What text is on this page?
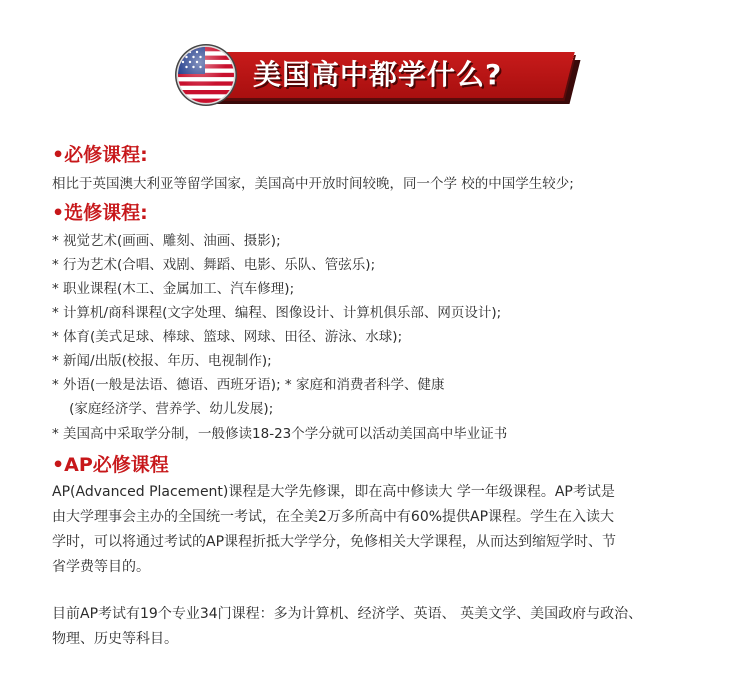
美国高中都学什么?
•必修课程:
相比于英国澳大利亚等留学国家，美国高中开放时间较晚，同一个学 校的中国学生较少;
•选修课程:
* 视觉艺术(画画、雕刻、油画、摄影);
* 行为艺术(合唱、戏剧、舞蹈、电影、乐队、管弦乐);
* 职业课程(木工、金属加工、汽车修理);
* 计算机/商科课程(文字处理、编程、图像设计、计算机俱乐部、网页设计);
* 体育(美式足球、棒球、篮球、网球、田径、游泳、水球);
* 新闻/出版(校报、年历、电视制作);
* 外语(一般是法语、德语、西班牙语); * 家庭和消费者科学、健康
(家庭经济学、营养学、幼儿发展);
* 美国高中采取学分制，一般修读18-23个学分就可以活动美国高中毕业证书
•AP必修课程
AP(Advanced Placement)课程是大学先修课，即在高中修读大 学一年级课程。AP考试是
由大学理事会主办的全国统一考试，在全美2万多所高中有60%提供AP课程。学生在入读大
学时，可以将通过考试的AP课程折抵大学学分，免修相关大学课程，从而达到缩短学时、节
省学费等目的。
目前AP考试有19个专业34门课程：多为计算机、经济学、英语、 英美文学、美国政府与政治、
物理、历史等科目。
